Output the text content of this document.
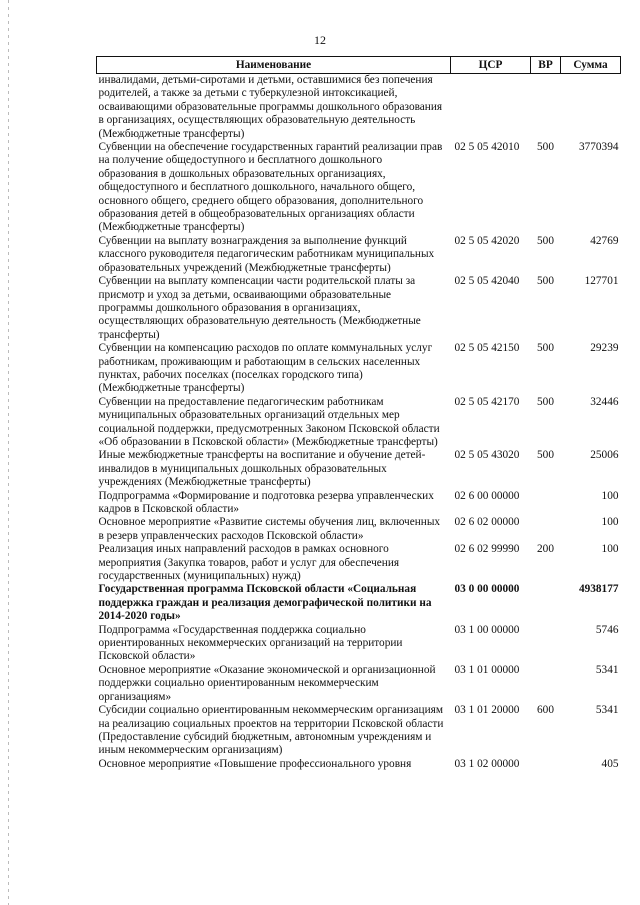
12
Наименование	ЦСР	ВР	Сумма
инвалидами, детьми-сиротами и детьми, оставшимися без попечения родителей, а также за детьми с туберкулезной интоксикацией, осваивающими образовательные программы дошкольного образования в организациях, осуществляющих образовательную деятельность (Межбюджетные трансферты)			
Субвенции на обеспечение государственных гарантий реализации прав на получение общедоступного и бесплатного дошкольного образования в дошкольных образовательных организациях, общедоступного и бесплатного дошкольного, начального общего, основного общего, среднего общего образования, дополнительного образования детей в общеобразовательных организациях области (Межбюджетные трансферты)	02 5 05 42010	500	3770394
Субвенции на выплату вознаграждения за выполнение функций классного руководителя педагогическим работникам муниципальных образовательных учреждений (Межбюджетные трансферты)	02 5 05 42020	500	42769
Субвенции на выплату компенсации части родительской платы за присмотр и уход за детьми, осваивающими образовательные программы дошкольного образования в организациях, осуществляющих образовательную деятельность (Межбюджетные трансферты)	02 5 05 42040	500	127701
Субвенции на компенсацию расходов по оплате коммунальных услуг работникам, проживающим и работающим в сельских населенных пунктах, рабочих поселках (поселках городского типа) (Межбюджетные трансферты)	02 5 05 42150	500	29239
Субвенции на предоставление педагогическим работникам муниципальных образовательных организаций отдельных мер социальной поддержки, предусмотренных Законом Псковской области «Об образовании в Псковской области» (Межбюджетные трансферты)	02 5 05 42170	500	32446
Иные межбюджетные трансферты на воспитание и обучение детей-инвалидов в муниципальных дошкольных образовательных учреждениях (Межбюджетные трансферты)	02 5 05 43020	500	25006
Подпрограмма «Формирование и подготовка резерва управленческих кадров в Псковской области»	02 6 00 00000		100
Основное мероприятие «Развитие системы обучения лиц, включенных в резерв управленческих расходов Псковской области»	02 6 02 00000		100
Реализация иных направлений расходов в рамках основного мероприятия (Закупка товаров, работ и услуг для обеспечения государственных (муниципальных) нужд)	02 6 02 99990	200	100
Государственная программа Псковской области «Социальная поддержка граждан и реализация демографической политики на 2014-2020 годы»	03 0 00 00000		4938177
Подпрограмма «Государственная поддержка социально ориентированных некоммерческих организаций на территории Псковской области»	03 1 00 00000		5746
Основное мероприятие «Оказание экономической и организационной поддержки социально ориентированным некоммерческим организациям»	03 1 01 00000		5341
Субсидии социально ориентированным некоммерческим организациям на реализацию социальных проектов на территории Псковской области (Предоставление субсидий бюджетным, автономным учреждениям и иным некоммерческим организациям)	03 1 01 20000	600	5341
Основное мероприятие «Повышение профессионального уровня	03 1 02 00000		405
